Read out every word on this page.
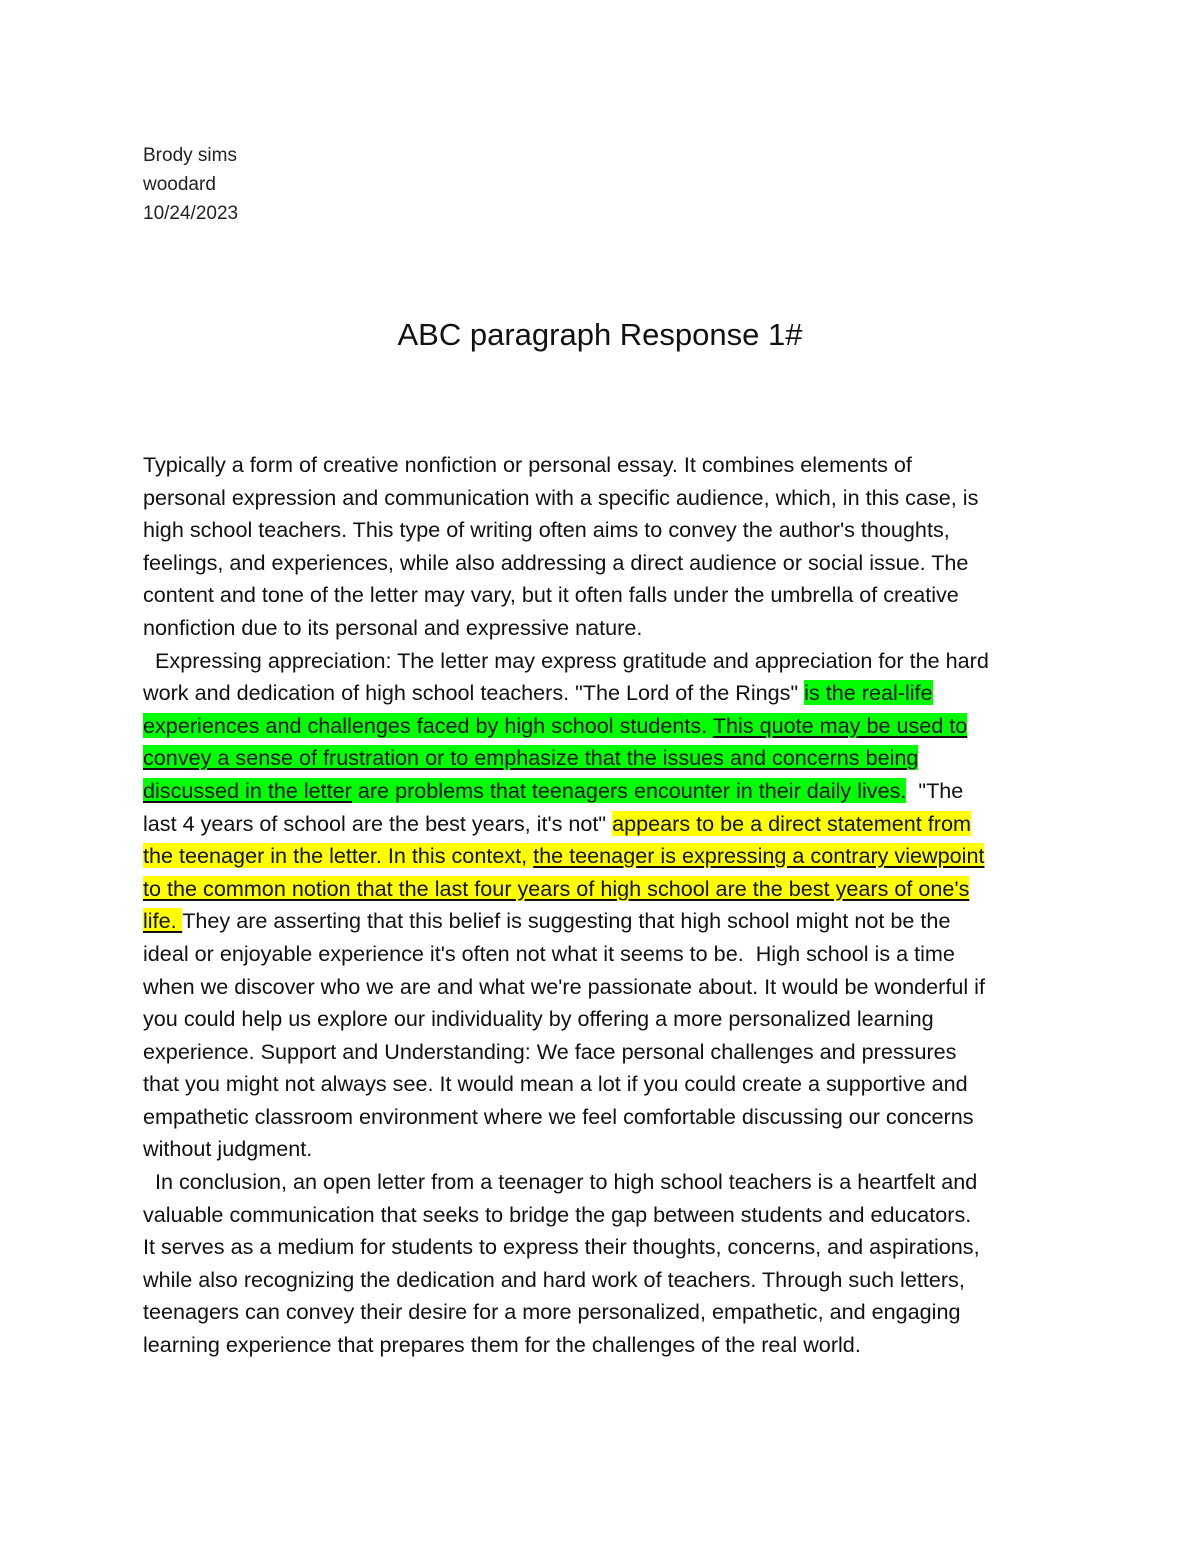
Brody sims
woodard
10/24/2023
ABC paragraph Response 1#
Typically a form of creative nonfiction or personal essay. It combines elements of
personal expression and communication with a specific audience, which, in this case, is
high school teachers. This type of writing often aims to convey the author's thoughts,
feelings, and experiences, while also addressing a direct audience or social issue. The
content and tone of the letter may vary, but it often falls under the umbrella of creative
nonfiction due to its personal and expressive nature.
Expressing appreciation: The letter may express gratitude and appreciation for the hard
work and dedication of high school teachers. "The Lord of the Rings" is the real-life
experiences and challenges faced by high school students. This quote may be used to
convey a sense of frustration or to emphasize that the issues and concerns being
discussed in the letter are problems that teenagers encounter in their daily lives.  "The
last 4 years of school are the best years, it's not" appears to be a direct statement from
the teenager in the letter. In this context, the teenager is expressing a contrary viewpoint
to the common notion that the last four years of high school are the best years of one's
life. They are asserting that this belief is suggesting that high school might not be the
ideal or enjoyable experience it's often not what it seems to be.  High school is a time
when we discover who we are and what we're passionate about. It would be wonderful if
you could help us explore our individuality by offering a more personalized learning
experience. Support and Understanding: We face personal challenges and pressures
that you might not always see. It would mean a lot if you could create a supportive and
empathetic classroom environment where we feel comfortable discussing our concerns
without judgment.
In conclusion, an open letter from a teenager to high school teachers is a heartfelt and
valuable communication that seeks to bridge the gap between students and educators.
It serves as a medium for students to express their thoughts, concerns, and aspirations,
while also recognizing the dedication and hard work of teachers. Through such letters,
teenagers can convey their desire for a more personalized, empathetic, and engaging
learning experience that prepares them for the challenges of the real world.
